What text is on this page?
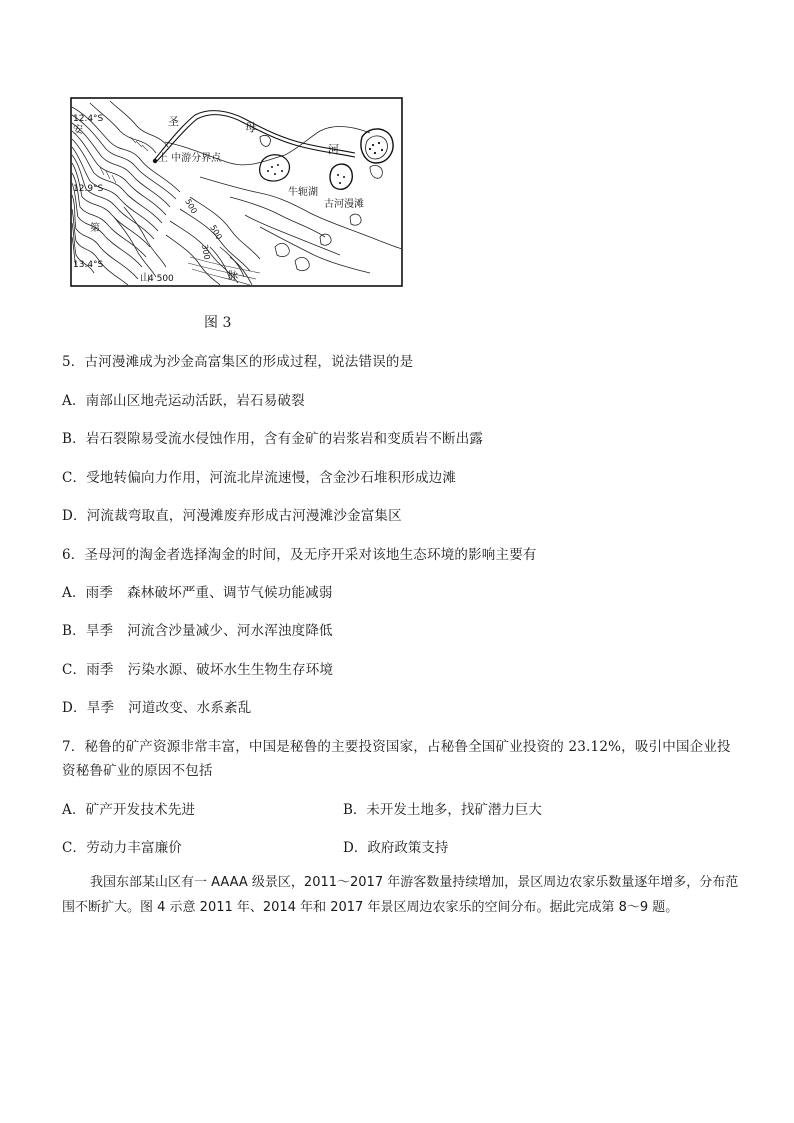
12.4°S
安
12.9°S
第
13.4°S
山
4 500	脉
圣	母
河
上 中游分界点
牛轭湖
古河漫滩
500
500
300
图 3
5．古河漫滩成为沙金高富集区的形成过程，说法错误的是
A．南部山区地壳运动活跃，岩石易破裂
B．岩石裂隙易受流水侵蚀作用，含有金矿的岩浆岩和变质岩不断出露
C．受地转偏向力作用，河流北岸流速慢，含金沙石堆积形成边滩
D．河流裁弯取直，河漫滩废弃形成古河漫滩沙金富集区
6．圣母河的淘金者选择淘金的时间，及无序开采对该地生态环境的影响主要有
A．雨季 森林破坏严重、调节气候功能减弱
B．旱季 河流含沙量减少、河水浑浊度降低
C．雨季 污染水源、破坏水生生物生存环境
D．旱季 河道改变、水系紊乱
7．秘鲁的矿产资源非常丰富，中国是秘鲁的主要投资国家，占秘鲁全国矿业投资的 23.12%，吸引中国企业投
资秘鲁矿业的原因不包括
A．矿产开发技术先进	B．未开发土地多，找矿潜力巨大
C．劳动力丰富廉价	D．政府政策支持
我国东部某山区有一 AAAA 级景区，2011～2017 年游客数量持续增加，景区周边农家乐数量逐年增多，分布范围不断扩大。图 4 示意 2011 年、2014 年和 2017 年景区周边农家乐的空间分布。据此完成第 8～9 题。
